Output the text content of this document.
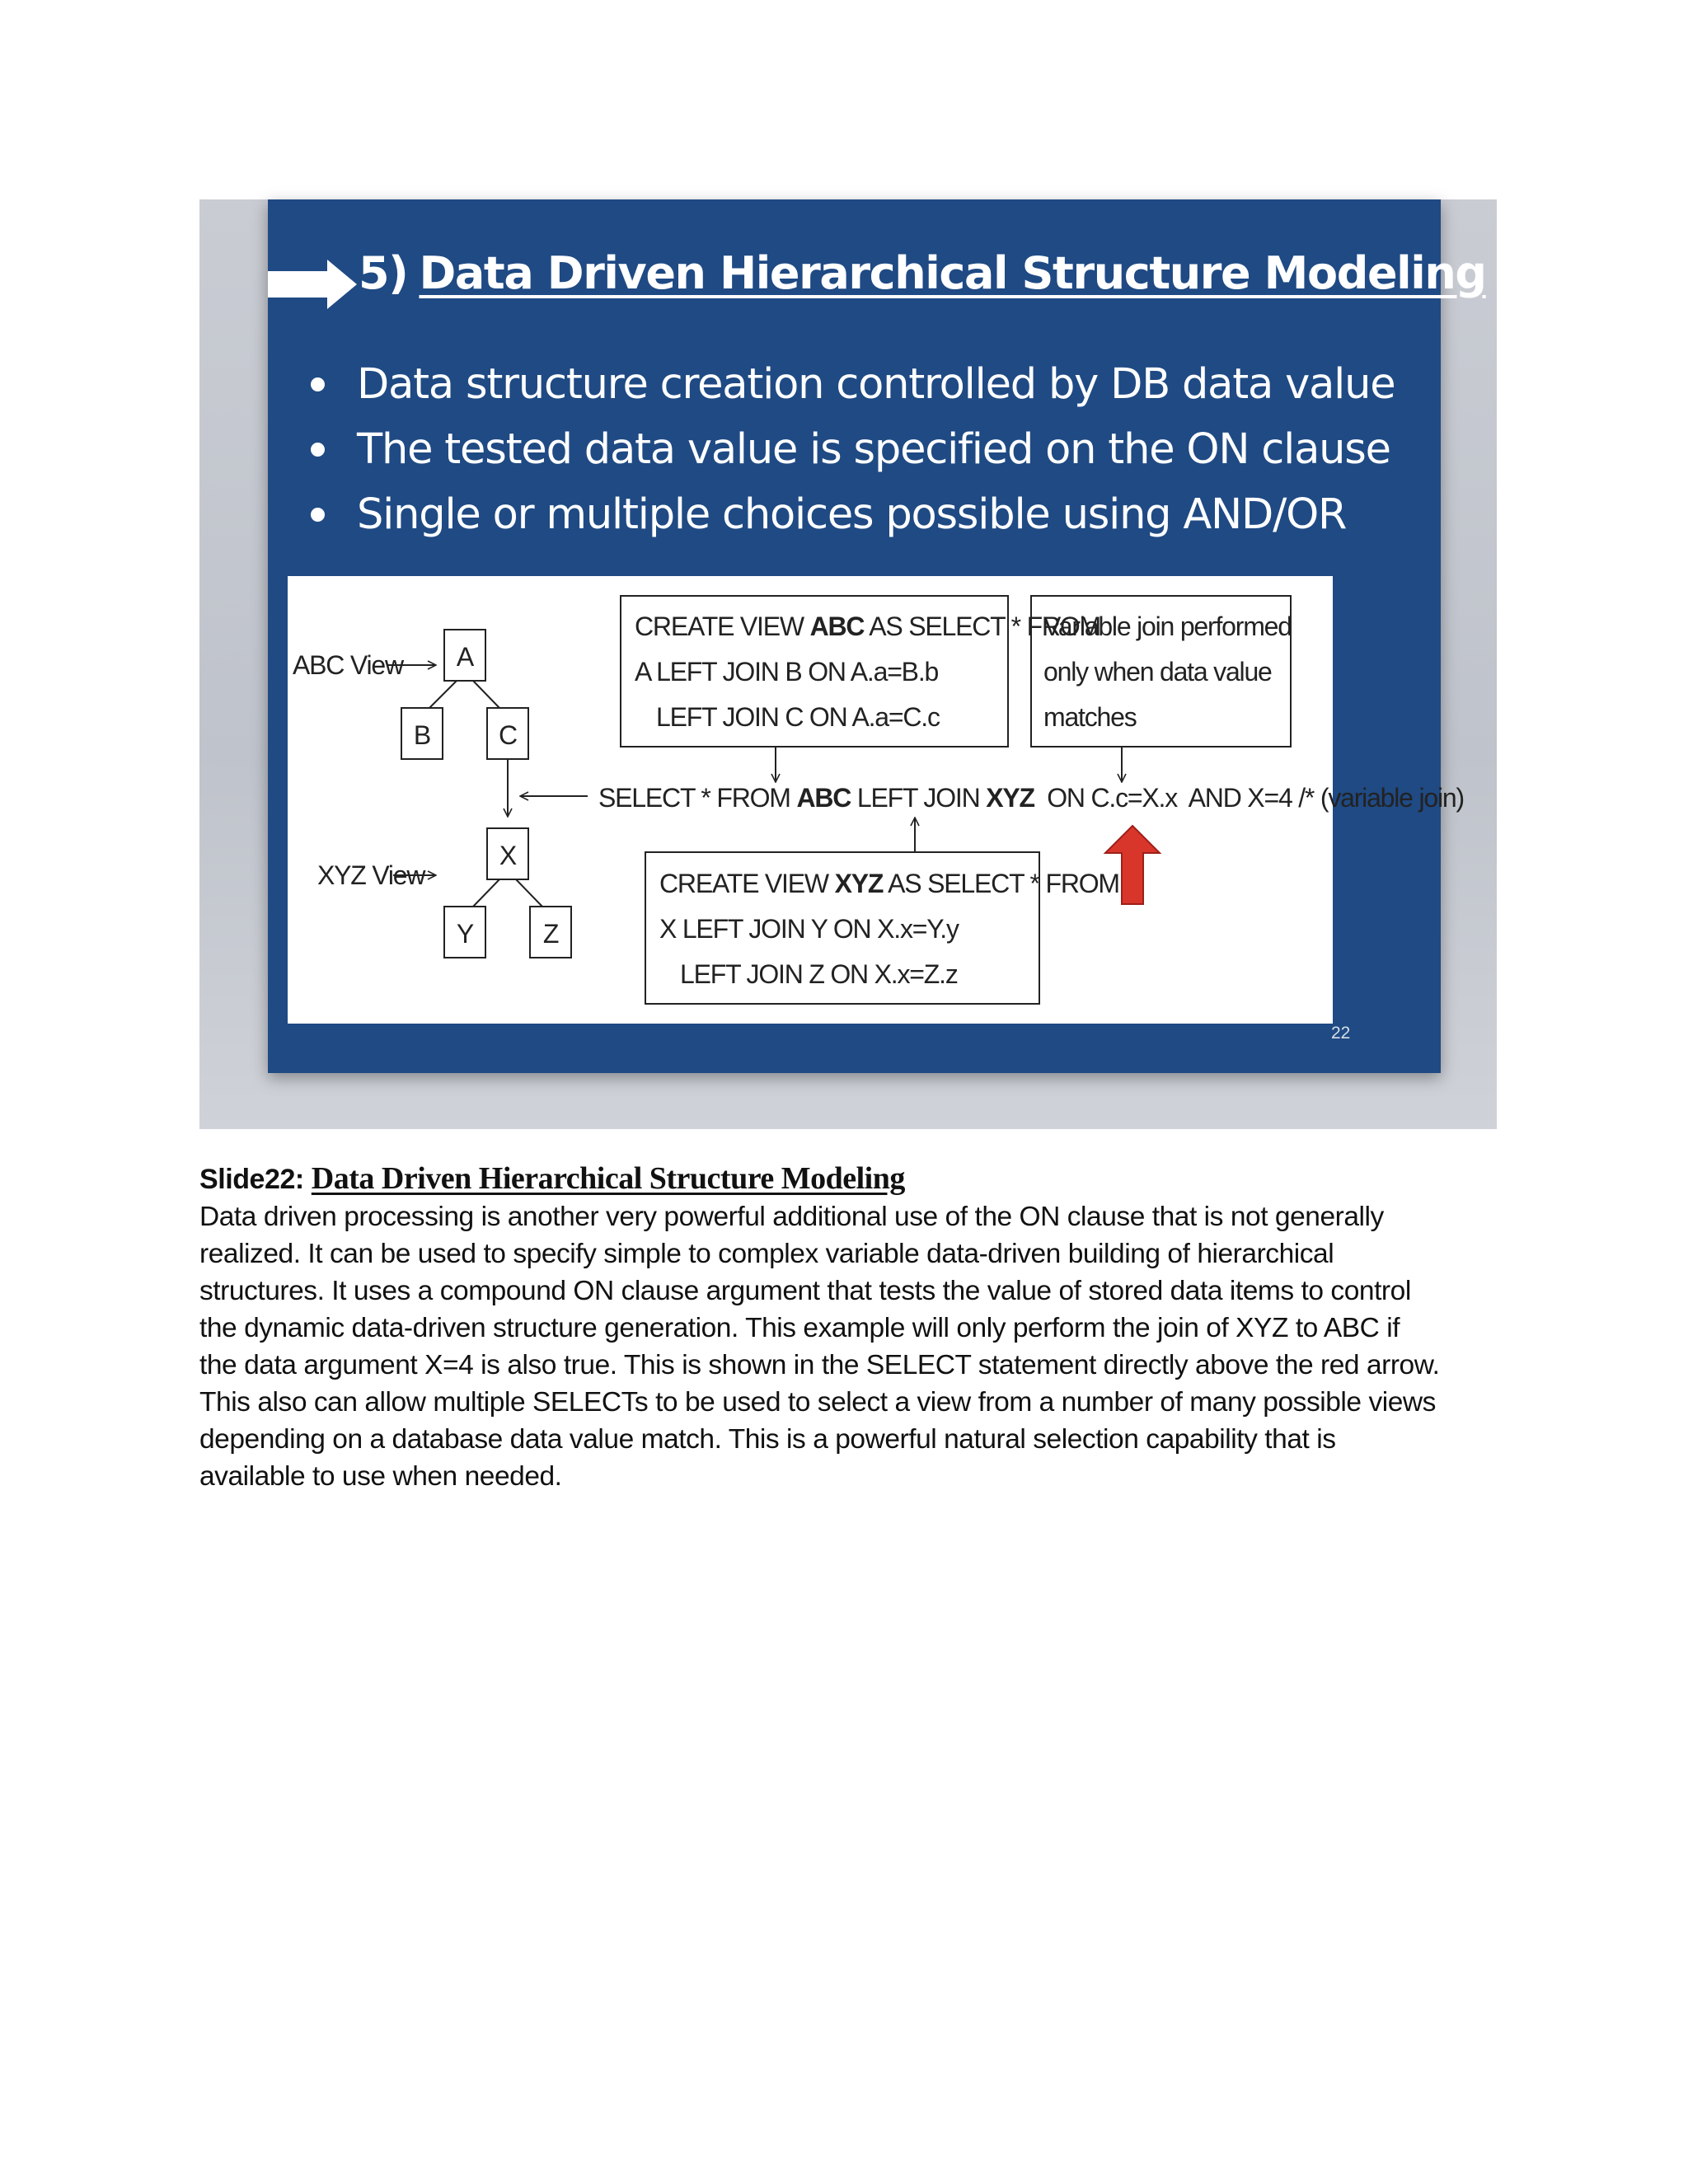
5) Data Driven Hierarchical Structure Modeling
Data structure creation controlled by DB data value
The tested data value is specified on the ON clause
Single or multiple choices possible using AND/OR
ABC View
XYZ View
A
B	C
X
Y	Z
CREATE VIEW ABC AS SELECT * FROM
A LEFT JOIN B ON A.a=B.b
LEFT JOIN C ON A.a=C.c
Variable join performed
only when data value
matches
SELECT * FROM ABC LEFT JOIN XYZ  ON C.c=X.x  AND X=4 /* (variable join)
CREATE VIEW XYZ AS SELECT * FROM
X LEFT JOIN Y ON X.x=Y.y
LEFT JOIN Z ON X.x=Z.z
22
Slide22: Data Driven Hierarchical Structure Modeling

Data driven processing is another very powerful additional use of the ON clause that is not generally

realized. It can be used to specify simple to complex variable data-driven building of hierarchical

structures. It uses a compound ON clause argument that tests the value of stored data items to control

the dynamic data-driven structure generation. This example will only perform the join of XYZ to ABC if

the data argument X=4 is also true. This is shown in the SELECT statement directly above the red arrow.

This also can allow multiple SELECTs to be used to select a view from a number of many possible views

depending on a database data value match. This is a powerful natural selection capability that is

available to use when needed.
